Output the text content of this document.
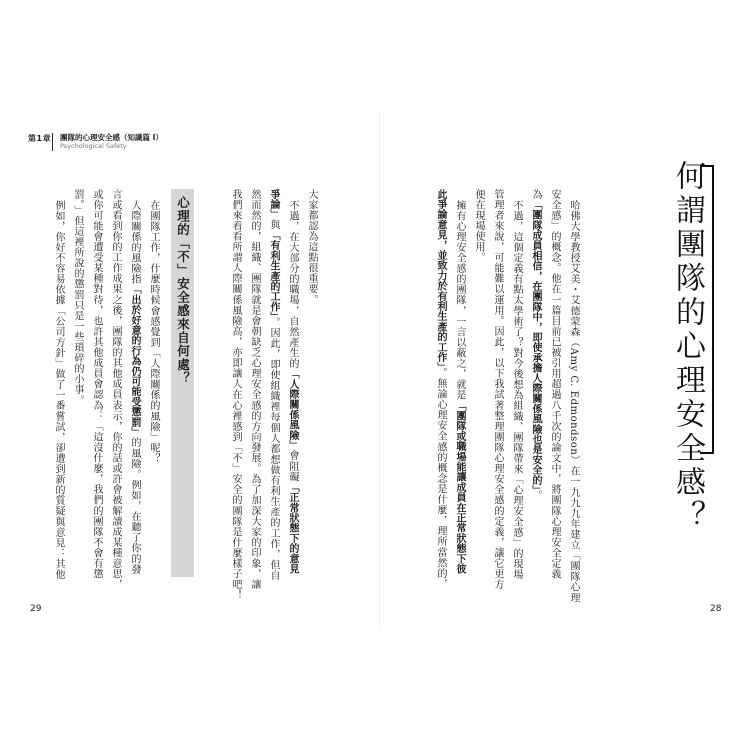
第1章 團隊的心理安全感（知識篇 I）
Psychological Safety
心理的「不」安全感來自何處？	大家都認為這點很重要。
不過，在大部分的職場，自然產生的「人際關係風險」會阻礙「正常狀態下的意見
爭論」與「有利生產的工作」。因此，即使組織裡每個人都想做有利生產的工作，但自
然而然的，組織、團隊就是會朝缺乏心理安全感的方向發展。為了加深大家的印象，讓
我們來看看所謂人際關係風險高，亦即讓人在心裡感到「不」安全的團隊是什麼樣子吧！
在團隊工作，什麼時候會感覺到「人際關係的風險」呢？
人際關係的風險指「出於好意的行為仍可能受懲罰」的風險。例如，在聽了你的發
言或看到你的工作成果之後，團隊的其他成員表示，你的話或許會被解讀成某種意思，
或你可能會遭受某種對待，也許其他成員會認為：「這沒什麼，我們的團隊不會有懲
罰。」但這裡所說的懲罰只是一些瑣碎的小事。
例如，你好不容易依據「公司方針」做了一番嘗試，卻遭到新的質疑與意見：其他
29	28
哈佛大學教授艾美・艾德蒙森（Amy C. Edmondson）在一九九九年建立「團隊心理
安全感」的概念。他在一篇目前已被引用超過八千次的論文中，將團隊心理安全定義
為「團隊成員相信，在團隊中，即使承擔人際關係風險也是安全的」。
不過，這個定義有點太學術了？對今後想為組織、團隊帶來「心理安全感」的現場
管理者來說，可能難以運用。因此，以下我試著整理團隊心理安全感的定義，讓它更方
便在現場使用。
擁有心理安全感的團隊，一言以蔽之，就是「團隊或職場能讓成員在正常狀態下彼
此爭論意見，並致力於有利生產的工作」。無論心理安全感的概念是什麼，理所當然的，	何謂團隊的心理安全感？
